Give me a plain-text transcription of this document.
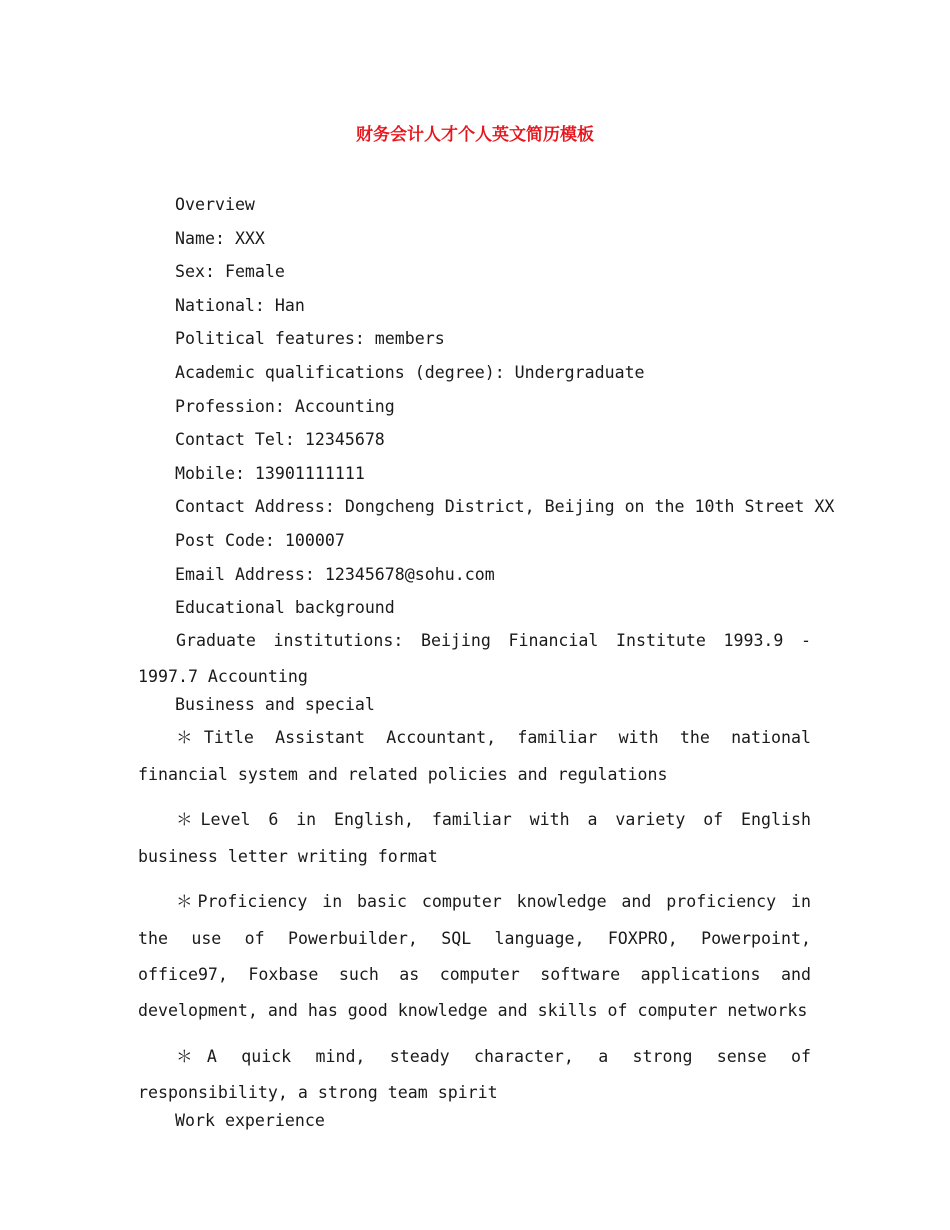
财务会计人才个人英文简历模板

Overview

Name: XXX

Sex: Female

National: Han

Political features: members

Academic qualifications (degree): Undergraduate

Profession: Accounting

Contact Tel: 12345678

Mobile: 13901111111

Contact Address: Dongcheng District, Beijing on the 10th Street XX

Post Code: 100007

Email Address: 12345678@sohu.com

Educational background

Graduate institutions: Beijing Financial Institute 1993.9 - 1997.7 Accounting

Business and special

＊Title Assistant Accountant, familiar with the national financial system and related policies and regulations

＊Level 6 in English, familiar with a variety of English business letter writing format

＊Proficiency in basic computer knowledge and proficiency in the use of Powerbuilder, SQL language, FOXPRO, Powerpoint, office97, Foxbase such as computer software applications and development, and has good knowledge and skills of computer networks

＊A quick mind, steady character, a strong sense of responsibility, a strong team spirit

Work experience
